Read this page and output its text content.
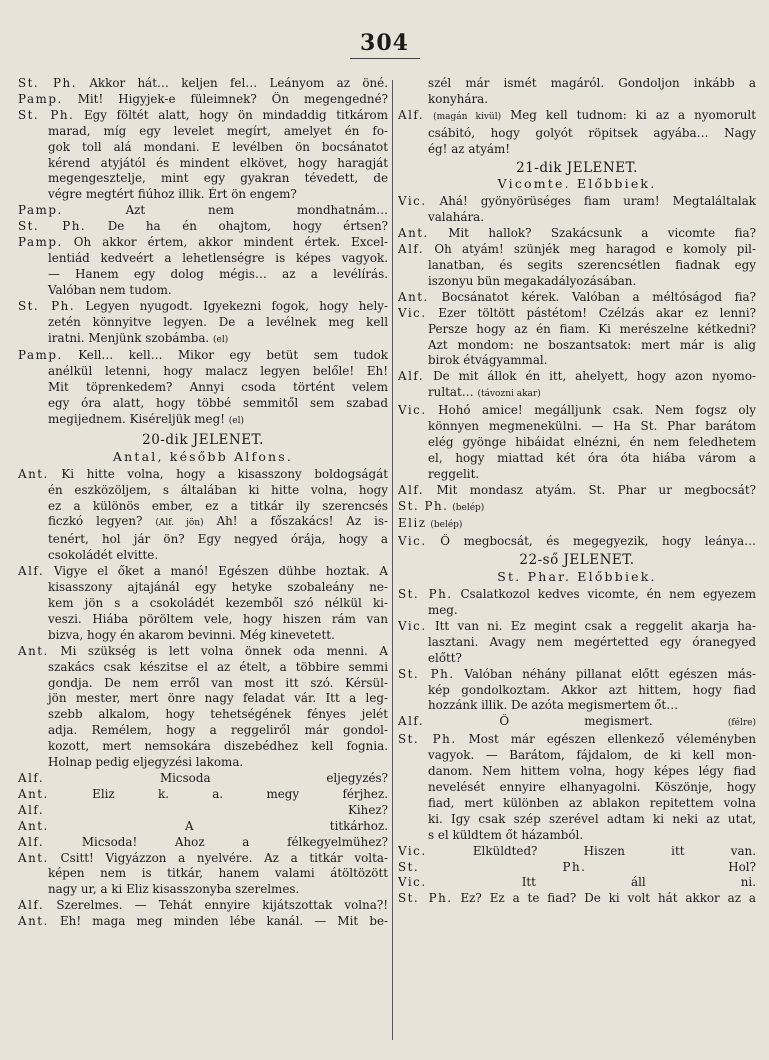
304
St. Ph. Akkor hát… keljen fel… Leányom az öné.
Pamp. Mit! Higyjek-e füleimnek? Ön megengedné?
St. Ph. Egy föltét alatt, hogy ön mindaddig titkárom
marad, míg egy levelet megírt, amelyet én fo-
gok toll alá mondani. E levélben ön bocsánatot
kérend atyjától és mindent elkövet, hogy haragját
megengesztelje, mint egy gyakran tévedett, de
végre megtért fiúhoz illik. Ért ön engem?
Pamp.	Azt nem mondhatnám…
St. Ph. De ha én ohajtom, hogy értsen?
Pamp. Oh akkor értem, akkor mindent értek. Excel-
lentiád kedveért a lehetlenségre is képes vagyok.
— Hanem egy dolog mégis… az a levélírás.
Valóban nem tudom.
St. Ph. Legyen nyugodt. Igyekezni fogok, hogy hely-
zetén könnyitve legyen. De a levélnek meg kell
iratni. Menjünk szobámba. (el)
Pamp. Kell… kell… Mikor egy betüt sem tudok
anélkül letenni, hogy malacz legyen belőle! Eh!
Mit töprenkedem? Annyi csoda történt velem
egy óra alatt, hogy többé semmitől sem szabad
megijednem. Kiséreljük meg! (el)
20-dik JELENET.
Antal, később Alfons.
Ant. Ki hitte volna, hogy a kisasszony boldogságát
én eszközöljem, s általában ki hitte volna, hogy
ez a különös ember, ez a titkár ily szerencsés
ficzkó legyen? (Alf. jön) Ah! a főszakács! Az is-
tenért, hol jár ön? Egy negyed órája, hogy a
csokoládét elvitte.
Alf. Vigye el őket a manó! Egészen dühbe hoztak. A
kisasszony ajtajánál egy hetyke szobaleány ne-
kem jön s a csokoládét kezemből szó nélkül ki-
veszi. Hiába pöröltem vele, hogy hiszen rám van
bizva, hogy én akarom bevinni. Még kinevetett.
Ant. Mi szükség is lett volna önnek oda menni. A
szakács csak készitse el az ételt, a többire semmi
gondja. De nem erről van most itt szó. Kérsül-
jön mester, mert önre nagy feladat vár. Itt a leg-
szebb alkalom, hogy tehetségének fényes jelét
adja. Remélem, hogy a reggeliről már gondol-
kozott, mert nemsokára diszebédhez kell fognia.
Holnap pedig eljegyzési lakoma.
Alf.	Micsoda eljegyzés?
Ant.	Eliz k. a. megy férjhez.
Alf.	Kihez?
Ant.	A titkárhoz.
Alf.	Micsoda! Ahoz a félkegyelmühez?
Ant. Csitt! Vigyázzon a nyelvére. Az a titkár volta-
képen nem is titkár, hanem valami átöltözött
nagy ur, a ki Eliz kisasszonyba szerelmes.
Alf. Szerelmes. — Tehát ennyire kijátszottak volna?!
Ant. Eh! maga meg minden lébe kanál. — Mit be-
szél már ismét magáról. Gondoljon inkább a
konyhára.
Alf. (magán kivül) Meg kell tudnom: ki az a nyomorult
csábitó, hogy golyót röpitsek agyába… Nagy
ég! az atyám!
21-dik JELENET.
Vicomte. Előbbiek.
Vic. Ahá! gyönyörüséges fiam uram! Megtaláltalak
valahára.
Ant. Mit hallok? Szakácsunk a vicomte fia?
Alf. Oh atyám! szünjék meg haragod e komoly pil-
lanatban, és segits szerencsétlen fiadnak egy
iszonyu bün megakadályozásában.
Ant. Bocsánatot kérek. Valóban a méltóságod fia?
Vic. Ezer töltött pástétom! Czélzás akar ez lenni?
Persze hogy az én fiam. Ki merészelne kétkedni?
Azt mondom: ne boszantsatok: mert már is alig
birok étvágyammal.
Alf. De mit állok én itt, ahelyett, hogy azon nyomo-
rultat… (távozni akar)
Vic. Hohó amice! megálljunk csak. Nem fogsz oly
könnyen megmenekülni. — Ha St. Phar barátom
elég gyönge hibáidat elnézni, én nem feledhetem
el, hogy miattad két óra óta hiába várom a
reggelit.
Alf. Mit mondasz atyám. St. Phar ur megbocsát?
St. Ph. (belép)
Eliz (belép)
Vic. Ő megbocsát, és megegyezik, hogy leánya…
22-ső JELENET.
St. Phar. Előbbiek.
St. Ph. Csalatkozol kedves vicomte, én nem egyezem
meg.
Vic. Itt van ni. Ez megint csak a reggelit akarja ha-
lasztani. Avagy nem megértetted egy óranegyed
előtt?
St. Ph. Valóban néhány pillanat előtt egészen más-
kép gondolkoztam. Akkor azt hittem, hogy fiad
hozzánk illik. De azóta megismertem őt…
Alf.	Ő megismert.	(félre)
St. Ph. Most már egészen ellenkező véleményben
vagyok. — Barátom, fájdalom, de ki kell mon-
danom. Nem hittem volna, hogy képes légy fiad
nevelését ennyire elhanyagolni. Köszönje, hogy
fiad, mert különben az ablakon repitettem volna
ki. Igy csak szép szerével adtam ki neki az utat,
s el küldtem őt házamból.
Vic.	Elküldted? Hiszen itt van.
St. Ph.	Hol?
Vic.	Itt áll ni.
St. Ph. Ez? Ez a te fiad? De ki volt hát akkor az a
